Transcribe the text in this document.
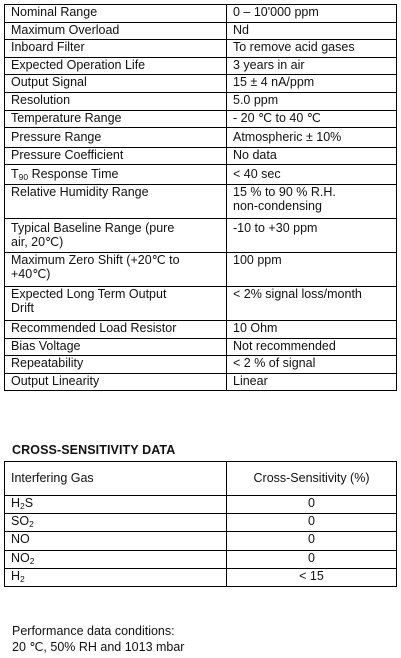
Nominal Range	0 – 10'000 ppm
Maximum Overload	Nd
Inboard Filter	To remove acid gases
Expected Operation Life	3 years in air
Output Signal	15 ± 4 nA/ppm
Resolution	5.0 ppm
Temperature Range	- 20 ℃ to 40 ℃
Pressure Range	Atmospheric ± 10%
Pressure Coefficient	No data
$T_{90}$ Response Time	< 40 sec
Relative Humidity Range	15 % to 90 % R.H.
non-condensing
Typical Baseline Range (pure
air, 20℃)	-10 to +30 ppm
Maximum Zero Shift (+20℃ to
+40℃)	100 ppm
Expected Long Term Output
Drift	< 2% signal loss/month
Recommended Load Resistor	10 Ohm
Bias Voltage	Not recommended
Repeatability	< 2 % of signal
Output Linearity	Linear
CROSS-SENSITIVITY DATA
Interfering Gas	Cross-Sensitivity (%)
$H_2S$	0
$SO_2$	0
NO	0
$NO_2$	0
$H_2$	< 15
Performance data conditions:
20 ℃, 50% RH and 1013 mbar
